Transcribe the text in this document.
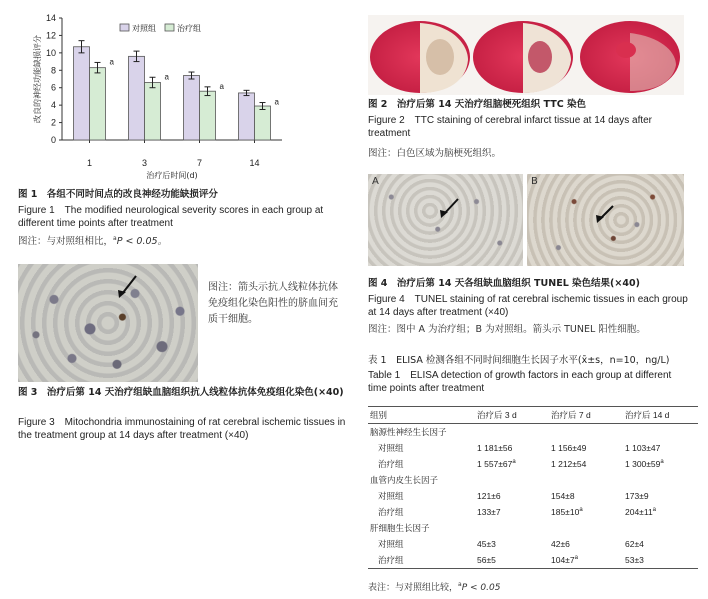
0
2
4
6
8
10
12
14
改良的神经功能缺损评分
1
a
3
a
7
a
14
a
治疗后时间(d)
对照组	治疗组
图 1　各组不同时间点的改良神经功能缺损评分
Figure 1　The modified neurological severity scores in each group at different time points after treatment
图注：与对照组相比，$^a$P < 0.05。
图注：箭头示抗人线粒体抗体免疫组化染色阳性的脐血间充质干细胞。
图 3　治疗后第 14 天治疗组缺血脑组织抗人线粒体抗体免疫组化染色(×40)
Figure 3　Mitochondria immunostaining of rat cerebral ischemic tissues in the treatment group at 14 days after treatment (×40)
图 2　治疗后第 14 天治疗组脑梗死组织 TTC 染色
Figure 2　TTC staining of cerebral infarct tissue at 14 days after treatment
图注：白色区域为脑梗死组织。
A	B
图 4　治疗后第 14 天各组缺血脑组织 TUNEL 染色结果(×40)
Figure 4　TUNEL staining of rat cerebral ischemic tissues in each group at 14 days after treatment (×40)
图注：图中 A 为治疗组；B 为对照组。箭头示 TUNEL 阳性细胞。
表 1　ELISA 检测各组不同时间细胞生长因子水平(x̄±s，n=10，ng/L)
Table 1　ELISA detection of growth factors in each group at different time points after treatment
组别	治疗后 3 d	治疗后 7 d	治疗后 14 d
脑源性神经生长因子			
对照组	1 181±56	1 156±49	1 103±47
治疗组	1 $557\pm 67^a$	1 212±54	1 $300\pm 59^a$
血管内皮生长因子			
对照组	121±6	154±8	173±9
治疗组	133±7	$185\pm 10^a$	$204\pm 11^a$
肝细胞生长因子			
对照组	45±3	42±6	62±4
治疗组	56±5	$104\pm 7^a$	53±3
表注：与对照组比较，$^a$P < 0.05
